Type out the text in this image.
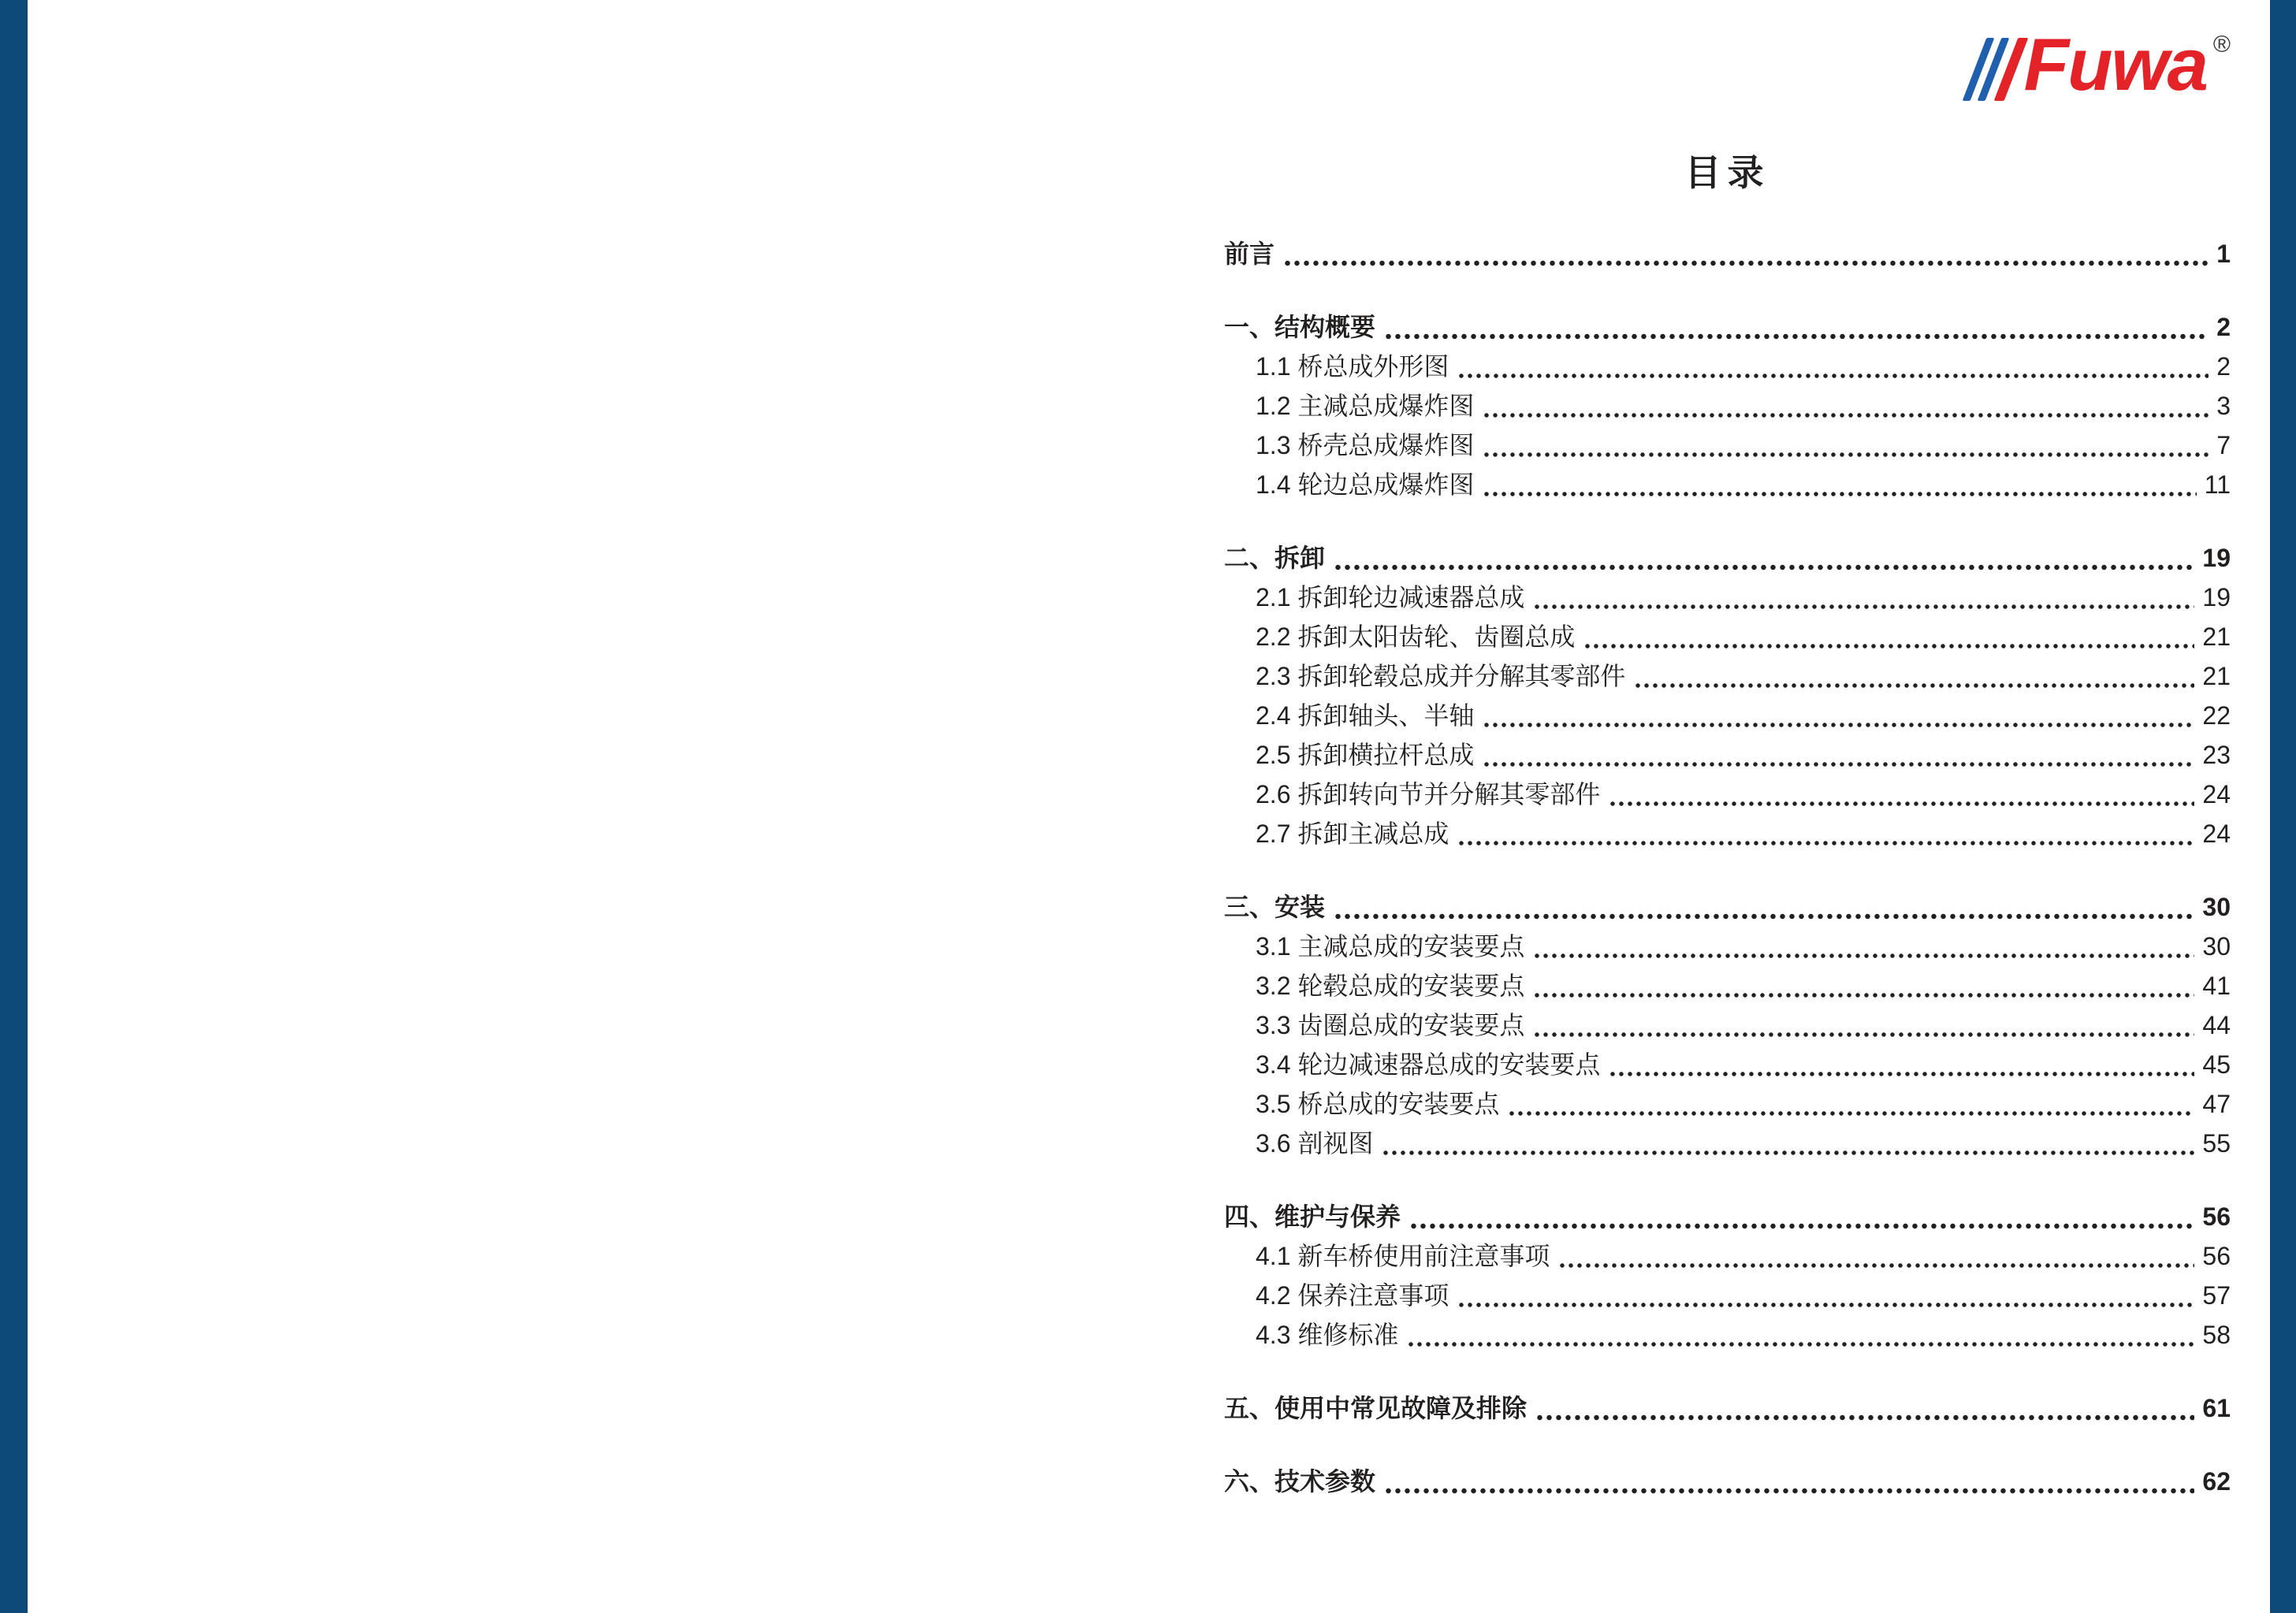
Fuwa ®
目录
前言	1
一、结构概要	2
1.1 桥总成外形图	2
1.2 主减总成爆炸图	3
1.3 桥壳总成爆炸图	7
1.4 轮边总成爆炸图	11
二、拆卸	19
2.1 拆卸轮边减速器总成	19
2.2 拆卸太阳齿轮、齿圈总成	21
2.3 拆卸轮毂总成并分解其零部件	21
2.4 拆卸轴头、半轴	22
2.5 拆卸横拉杆总成	23
2.6 拆卸转向节并分解其零部件	24
2.7 拆卸主减总成	24
三、安装	30
3.1 主减总成的安装要点	30
3.2 轮毂总成的安装要点	41
3.3 齿圈总成的安装要点	44
3.4 轮边减速器总成的安装要点	45
3.5 桥总成的安装要点	47
3.6 剖视图	55
四、维护与保养	56
4.1 新车桥使用前注意事项	56
4.2 保养注意事项	57
4.3 维修标准	58
五、使用中常见故障及排除	61
六、技术参数	62
